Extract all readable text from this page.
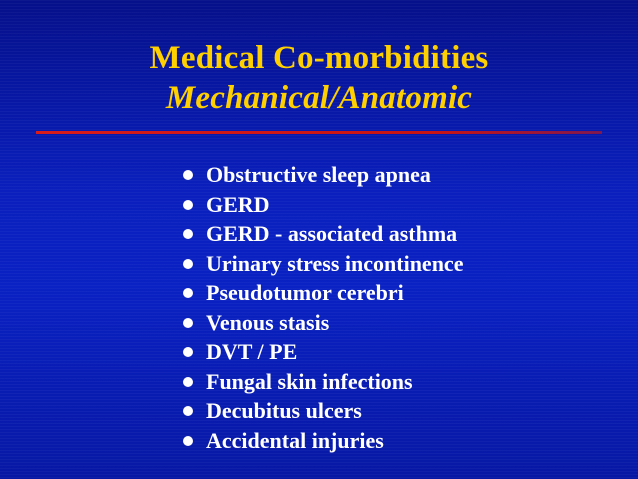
Medical Co-morbidities
Mechanical/Anatomic
Obstructive sleep apnea
GERD
GERD - associated asthma
Urinary stress incontinence
Pseudotumor cerebri
Venous stasis
DVT / PE
Fungal skin infections
Decubitus ulcers
Accidental injuries
